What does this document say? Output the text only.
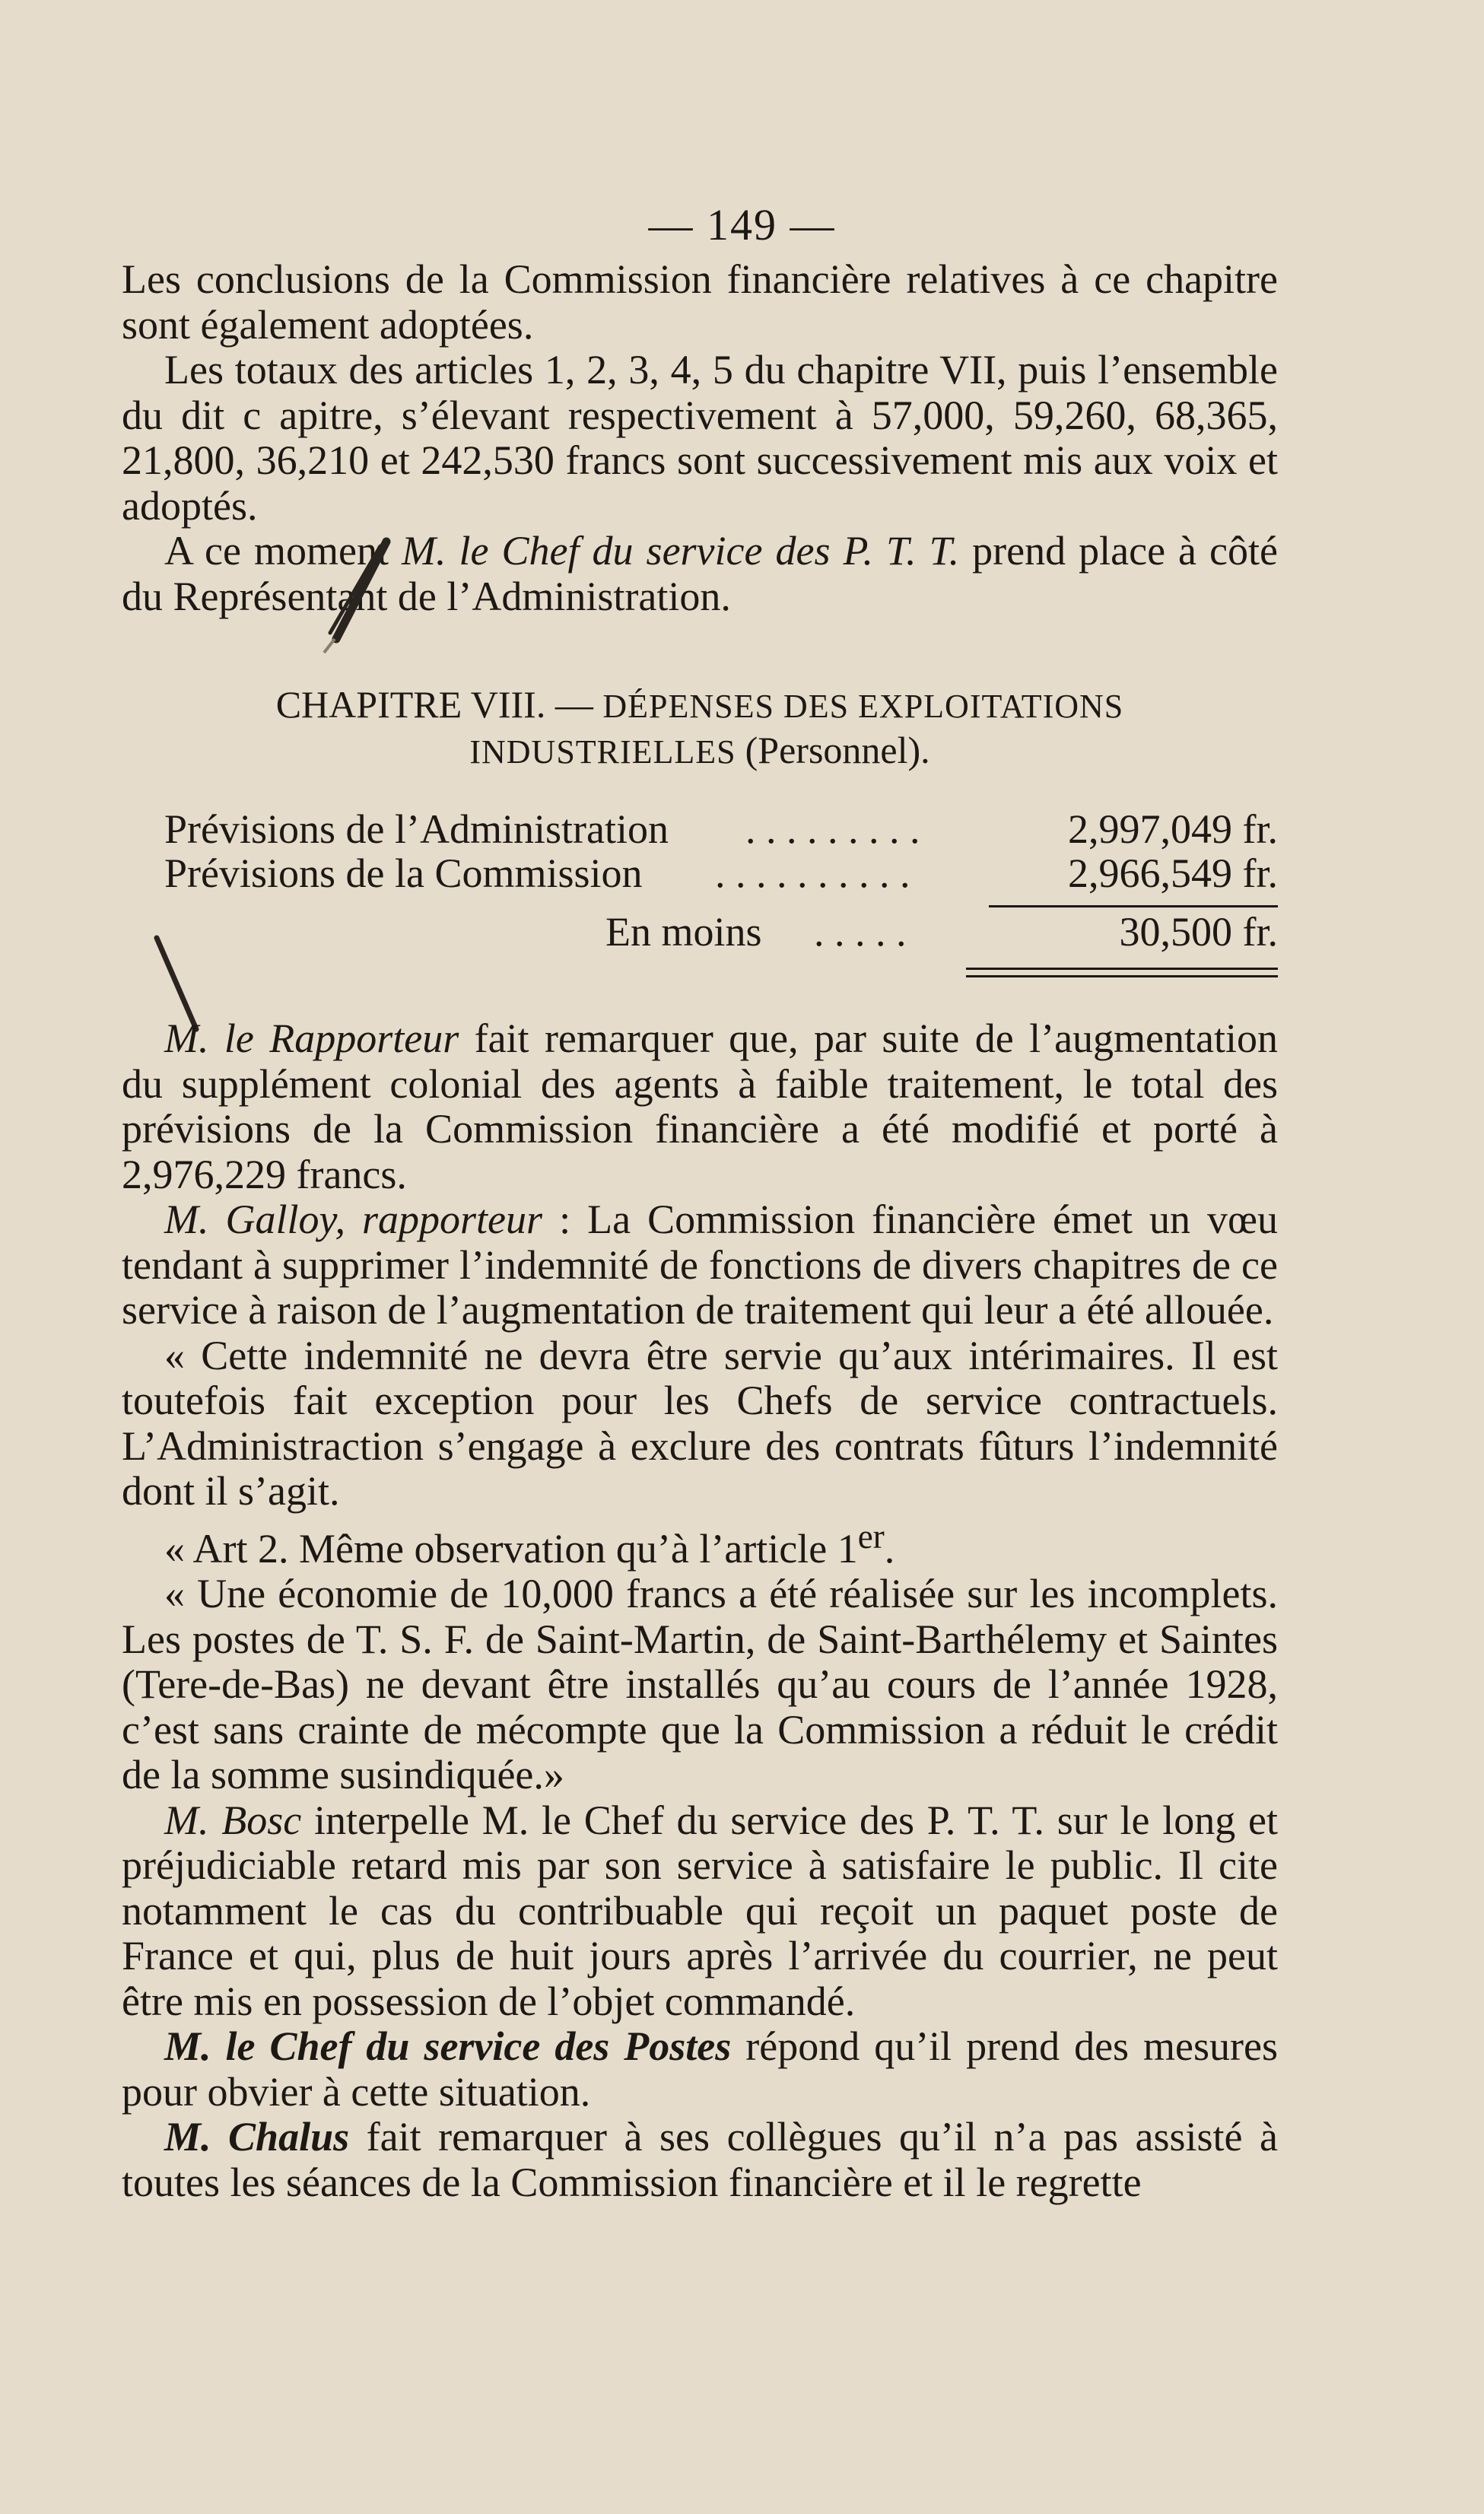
— 149 —

Les conclusions de la Commission financière relatives à ce chapitre sont également adoptées.

Les totaux des articles 1, 2, 3, 4, 5 du chapitre VII, puis l’ensemble du dit c apitre, s’élevant respectivement à 57,000, 59,260, 68,365, 21,800, 36,210 et 242,530 francs sont successivement mis aux voix et adoptés.

A ce moment M. le Chef du service des P. T. T. prend place à côté du Représentant de l’Administration.

CHAPITRE VIII. — DÉPENSES DES EXPLOITATIONS
INDUSTRIELLES (Personnel).
Prévisions de l’Administration . . . . . . . . .	2,997,049 fr.
Prévisions de la Commission . . . . . . . . . .	2,966,549 fr.
En moins . . . . .	30,500 fr.

M. le Rapporteur fait remarquer que, par suite de l’augmentation du supplément colonial des agents à faible traitement, le total des prévisions de la Commission financière a été modifié et porté à 2,976,229 francs.

M. Galloy, rapporteur : La Commission financière émet un vœu tendant à supprimer l’indemnité de fonctions de divers chapitres de ce service à raison de l’augmentation de traitement qui leur a été allouée.

« Cette indemnité ne devra être servie qu’aux intérimaires. Il est toutefois fait exception pour les Chefs de service contractuels. L’Administraction s’engage à exclure des contrats fûturs l’indemnité dont il s’agit.

« Art 2. Même observation qu’à l’article 1er.

« Une économie de 10,000 francs a été réalisée sur les incomplets. Les postes de T. S. F. de Saint-Martin, de Saint-Barthélemy et Saintes (Tere-de-Bas) ne devant être installés qu’au cours de l’année 1928, c’est sans crainte de mécompte que la Commission a réduit le crédit de la somme susindiquée.»

M. Bosc interpelle M. le Chef du service des P. T. T. sur le long et préjudiciable retard mis par son service à satisfaire le public. Il cite notamment le cas du contribuable qui reçoit un paquet poste de France et qui, plus de huit jours après l’arrivée du courrier, ne peut être mis en possession de l’objet commandé.

M. le Chef du service des Postes répond qu’il prend des mesures pour obvier à cette situation.

M. Chalus fait remarquer à ses collègues qu’il n’a pas assisté à toutes les séances de la Commission financière et il le regrette
